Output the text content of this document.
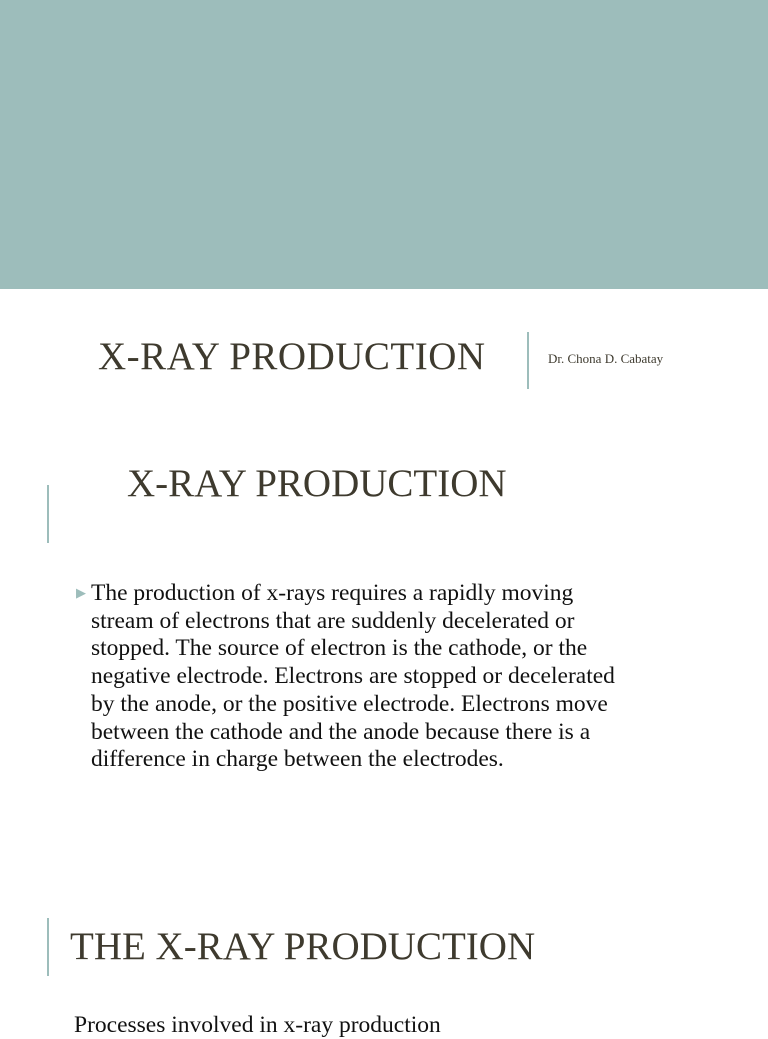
X-RAY PRODUCTION	Dr. Chona D. Cabatay
X-RAY PRODUCTION
▶ The production of x-rays requires a rapidly moving
stream of electrons that are suddenly decelerated or
stopped. The source of electron is the cathode, or the
negative electrode. Electrons are stopped or decelerated
by the anode, or the positive electrode. Electrons move
between the cathode and the anode because there is a
difference in charge between the electrodes.

THE X-RAY PRODUCTION
Processes involved in x-ray production
